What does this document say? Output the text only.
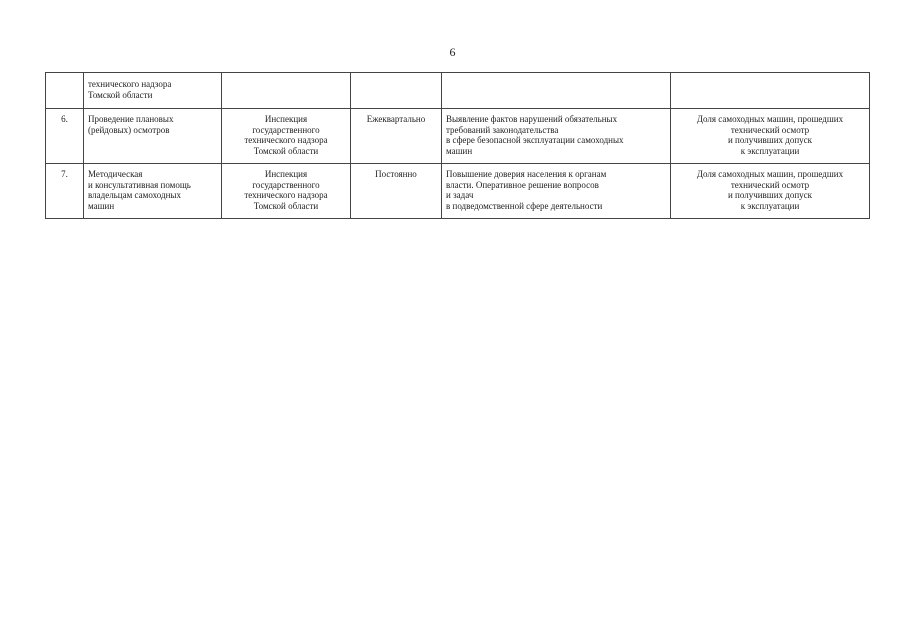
6
	технического надзора
Томской области				
6.	Проведение плановых
(рейдовых) осмотров	Инспекция
государственного
технического надзора
Томской области	Ежеквартально	Выявление фактов нарушений обязательных
требований законодательства
в сфере безопасной эксплуатации самоходных
машин	Доля самоходных машин, прошедших
технический осмотр
и получивших допуск
к эксплуатации
7.	Методическая
и консультативная помощь
владельцам самоходных
машин	Инспекция
государственного
технического надзора
Томской области	Постоянно	Повышение доверия населения к органам
власти. Оперативное решение вопросов
и задач
в подведомственной сфере деятельности	Доля самоходных машин, прошедших
технический осмотр
и получивших допуск
к эксплуатации
